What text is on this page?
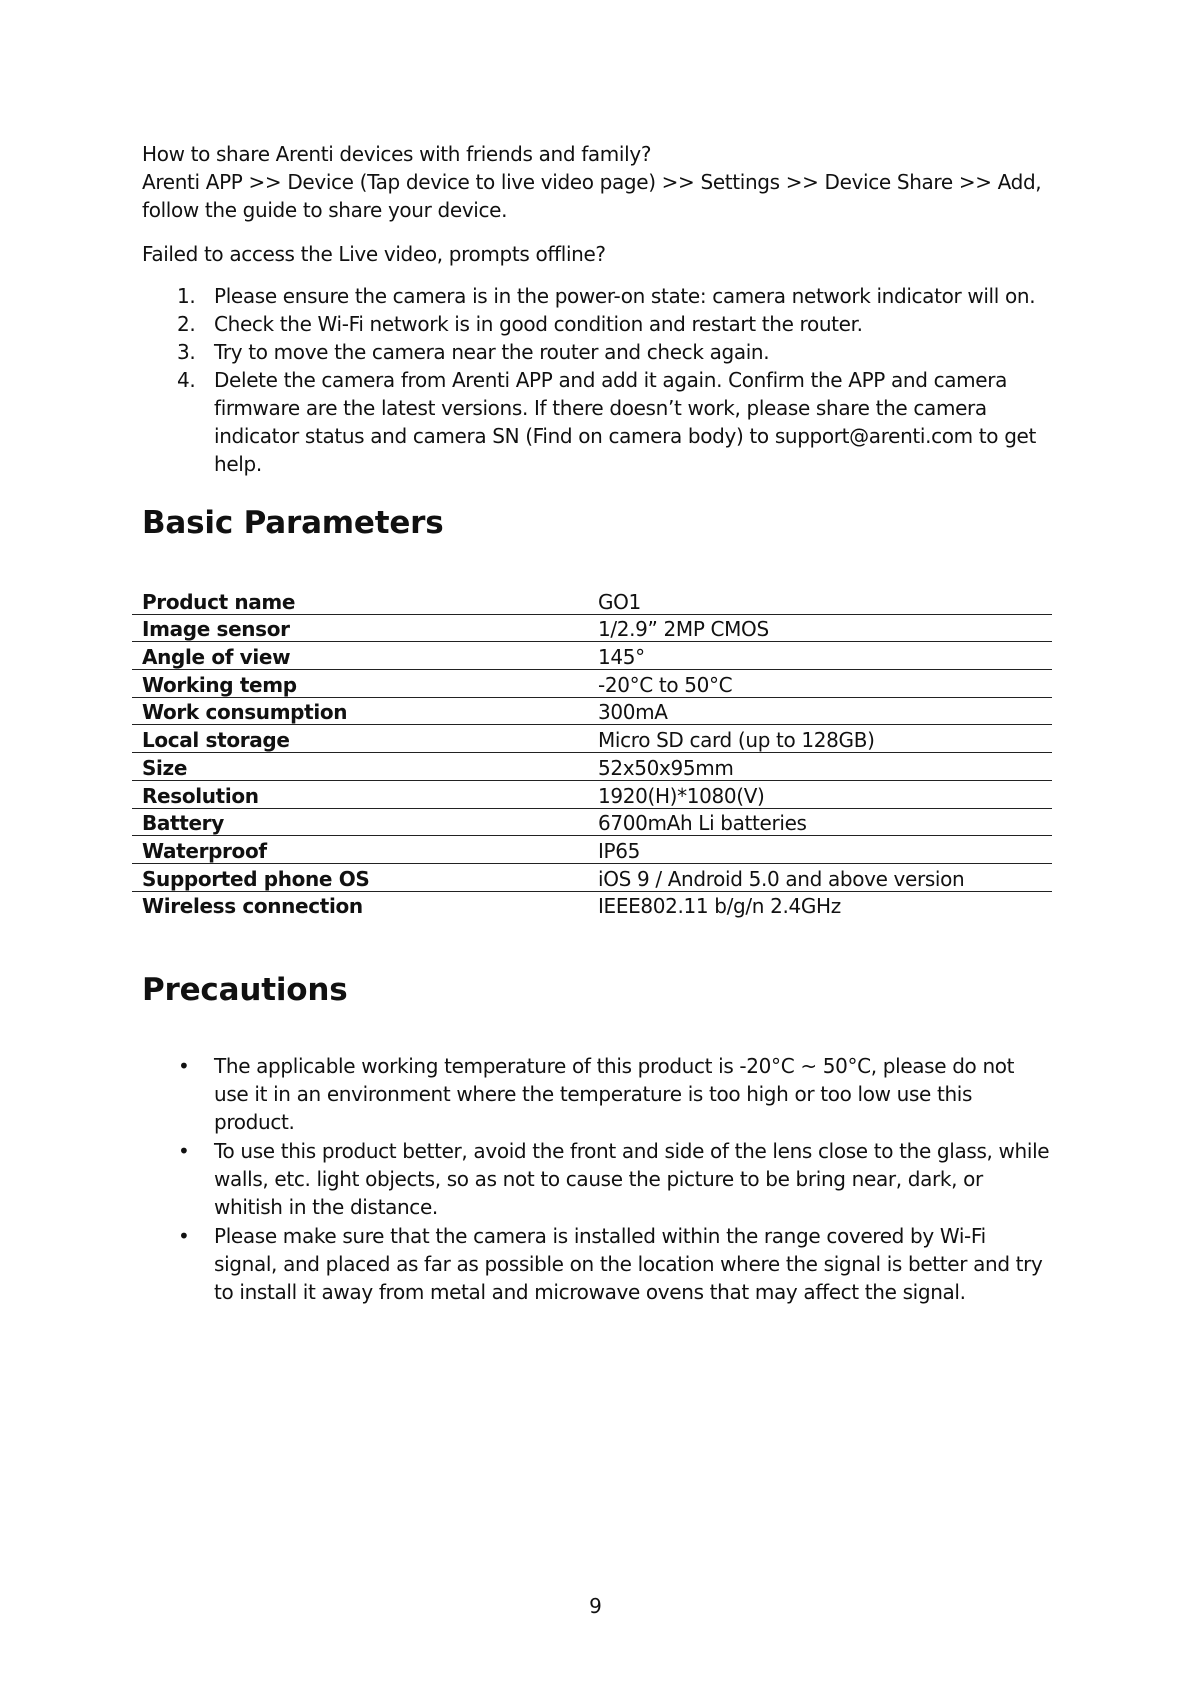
How to share Arenti devices with friends and family?

Arenti APP >> Device (Tap device to live video page) >> Settings >> Device Share >> Add, follow the guide to share your device.

Failed to access the Live video, prompts offline?

1. Please ensure the camera is in the power-on state: camera network indicator will on.
2. Check the Wi-Fi network is in good condition and restart the router.
3. Try to move the camera near the router and check again.
4. Delete the camera from Arenti APP and add it again. Confirm the APP and camera firmware are the latest versions. If there doesn’t work, please share the camera indicator status and camera SN (Find on camera body) to support@arenti.com to get help.
Basic Parameters
Product name	GO1
Image sensor	1/2.9” 2MP CMOS
Angle of view	145°
Working temp	-20°C to 50°C
Work consumption	300mA
Local storage	Micro SD card (up to 128GB)
Size	52x50x95mm
Resolution	1920(H)*1080(V)
Battery	6700mAh Li batteries
Waterproof	IP65
Supported phone OS	iOS 9 / Android 5.0 and above version
Wireless connection	IEEE802.11 b/g/n 2.4GHz
Precautions
• The applicable working temperature of this product is -20°C ~ 50°C, please do not use it in an environment where the temperature is too high or too low use this product.
• To use this product better, avoid the front and side of the lens close to the glass, while walls, etc. light objects, so as not to cause the picture to be bring near, dark, or whitish in the distance.
• Please make sure that the camera is installed within the range covered by Wi-Fi signal, and placed as far as possible on the location where the signal is better and try to install it away from metal and microwave ovens that may affect the signal.
9
